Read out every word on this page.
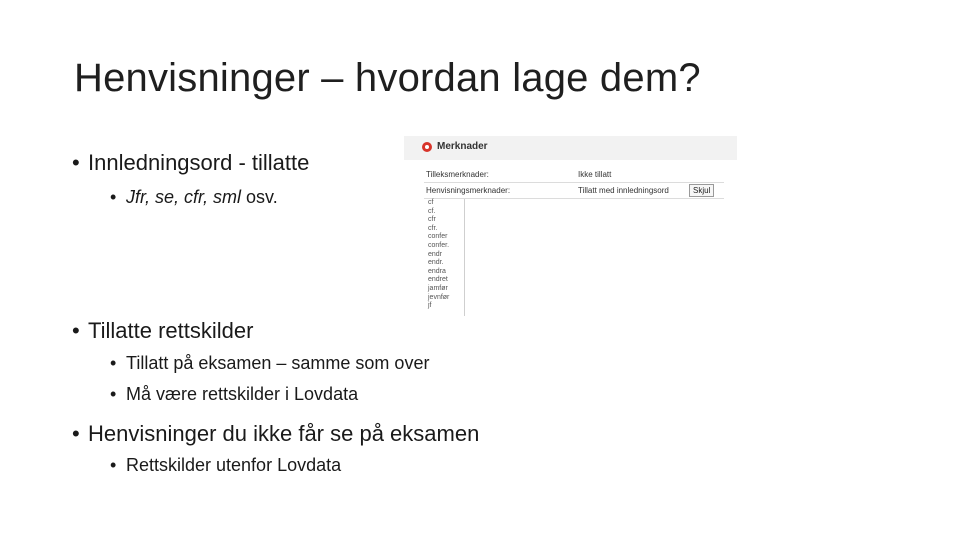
Henvisninger – hvordan lage dem?
• Innledningsord - tillatte
• Jfr, se, cfr, sml osv.
• Tillatte rettskilder
• Tillatt på eksamen – samme som over
• Må være rettskilder i Lovdata
• Henvisninger du ikke får se på eksamen
• Rettskilder utenfor Lovdata
Merknader
Tilleksmerknader:	Ikke tillatt
Henvisningsmerknader:	Tillatt med innledningsord	Skjul
cf
cf.
cfr
cfr.
confer
confer.
endr
endr.
endra
endret
jamfør
jevnfør
jf
